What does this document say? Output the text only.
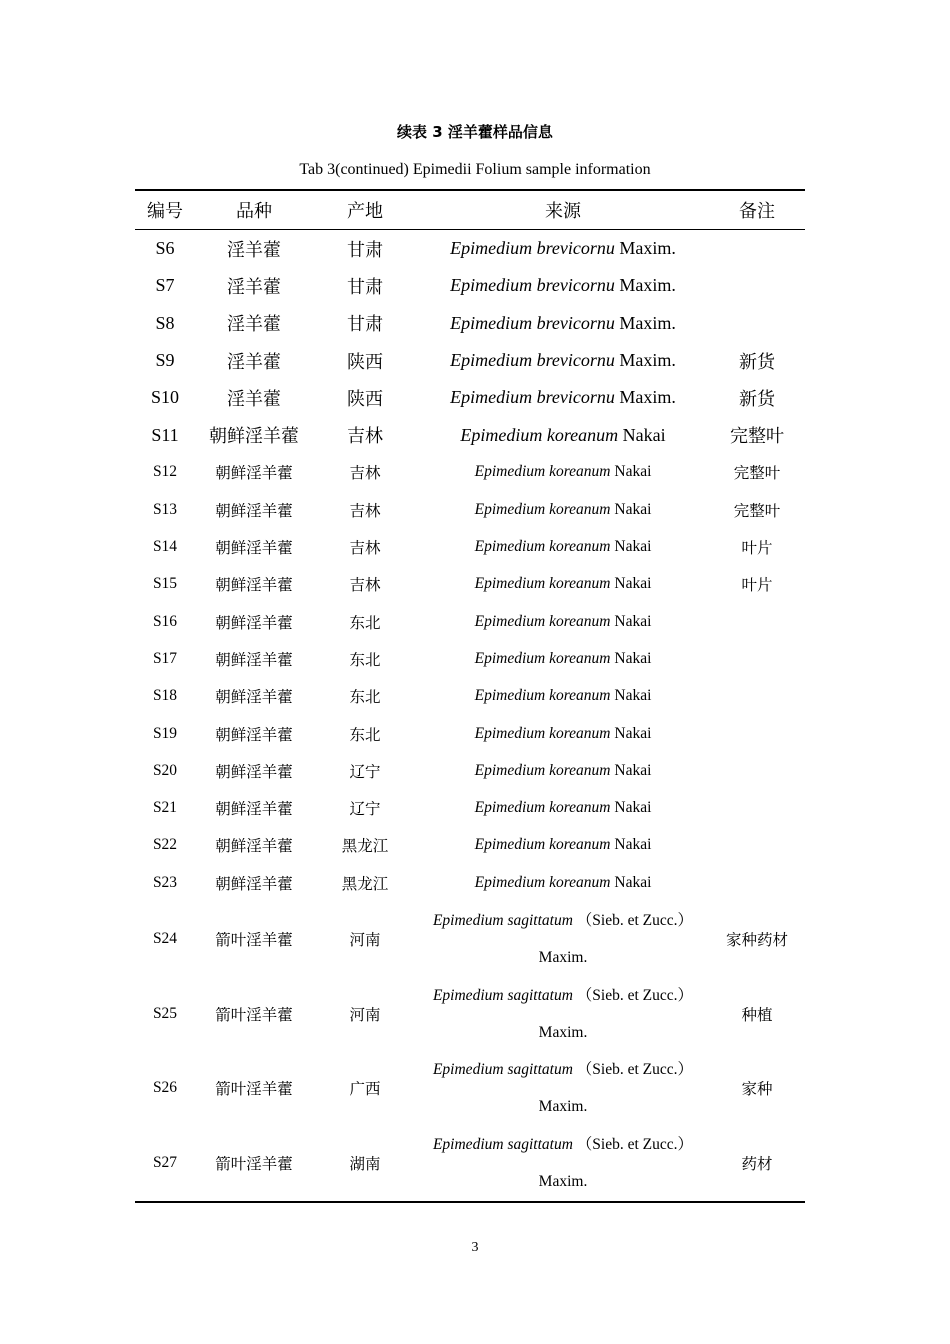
续表 3 淫羊藿样品信息
Tab 3(continued) Epimedii Folium sample information
编号	品种	产地	来源	备注
S6	淫羊藿	甘肃	Epimedium brevicornu Maxim.	
S7	淫羊藿	甘肃	Epimedium brevicornu Maxim.	
S8	淫羊藿	甘肃	Epimedium brevicornu Maxim.	
S9	淫羊藿	陕西	Epimedium brevicornu Maxim.	新货
S10	淫羊藿	陕西	Epimedium brevicornu Maxim.	新货
S11	朝鲜淫羊藿	吉林	Epimedium koreanum Nakai	完整叶
S12	朝鲜淫羊藿	吉林	Epimedium koreanum Nakai	完整叶
S13	朝鲜淫羊藿	吉林	Epimedium koreanum Nakai	完整叶
S14	朝鲜淫羊藿	吉林	Epimedium koreanum Nakai	叶片
S15	朝鲜淫羊藿	吉林	Epimedium koreanum Nakai	叶片
S16	朝鲜淫羊藿	东北	Epimedium koreanum Nakai	
S17	朝鲜淫羊藿	东北	Epimedium koreanum Nakai	
S18	朝鲜淫羊藿	东北	Epimedium koreanum Nakai	
S19	朝鲜淫羊藿	东北	Epimedium koreanum Nakai	
S20	朝鲜淫羊藿	辽宁	Epimedium koreanum Nakai	
S21	朝鲜淫羊藿	辽宁	Epimedium koreanum Nakai	
S22	朝鲜淫羊藿	黑龙江	Epimedium koreanum Nakai	
S23	朝鲜淫羊藿	黑龙江	Epimedium koreanum Nakai	
S24	箭叶淫羊藿	河南	Epimedium sagittatum （Sieb. et Zucc.）
Maxim.	家种药材
S25	箭叶淫羊藿	河南	Epimedium sagittatum （Sieb. et Zucc.）
Maxim.	种植
S26	箭叶淫羊藿	广西	Epimedium sagittatum （Sieb. et Zucc.）
Maxim.	家种
S27	箭叶淫羊藿	湖南	Epimedium sagittatum （Sieb. et Zucc.）
Maxim.	药材
3
